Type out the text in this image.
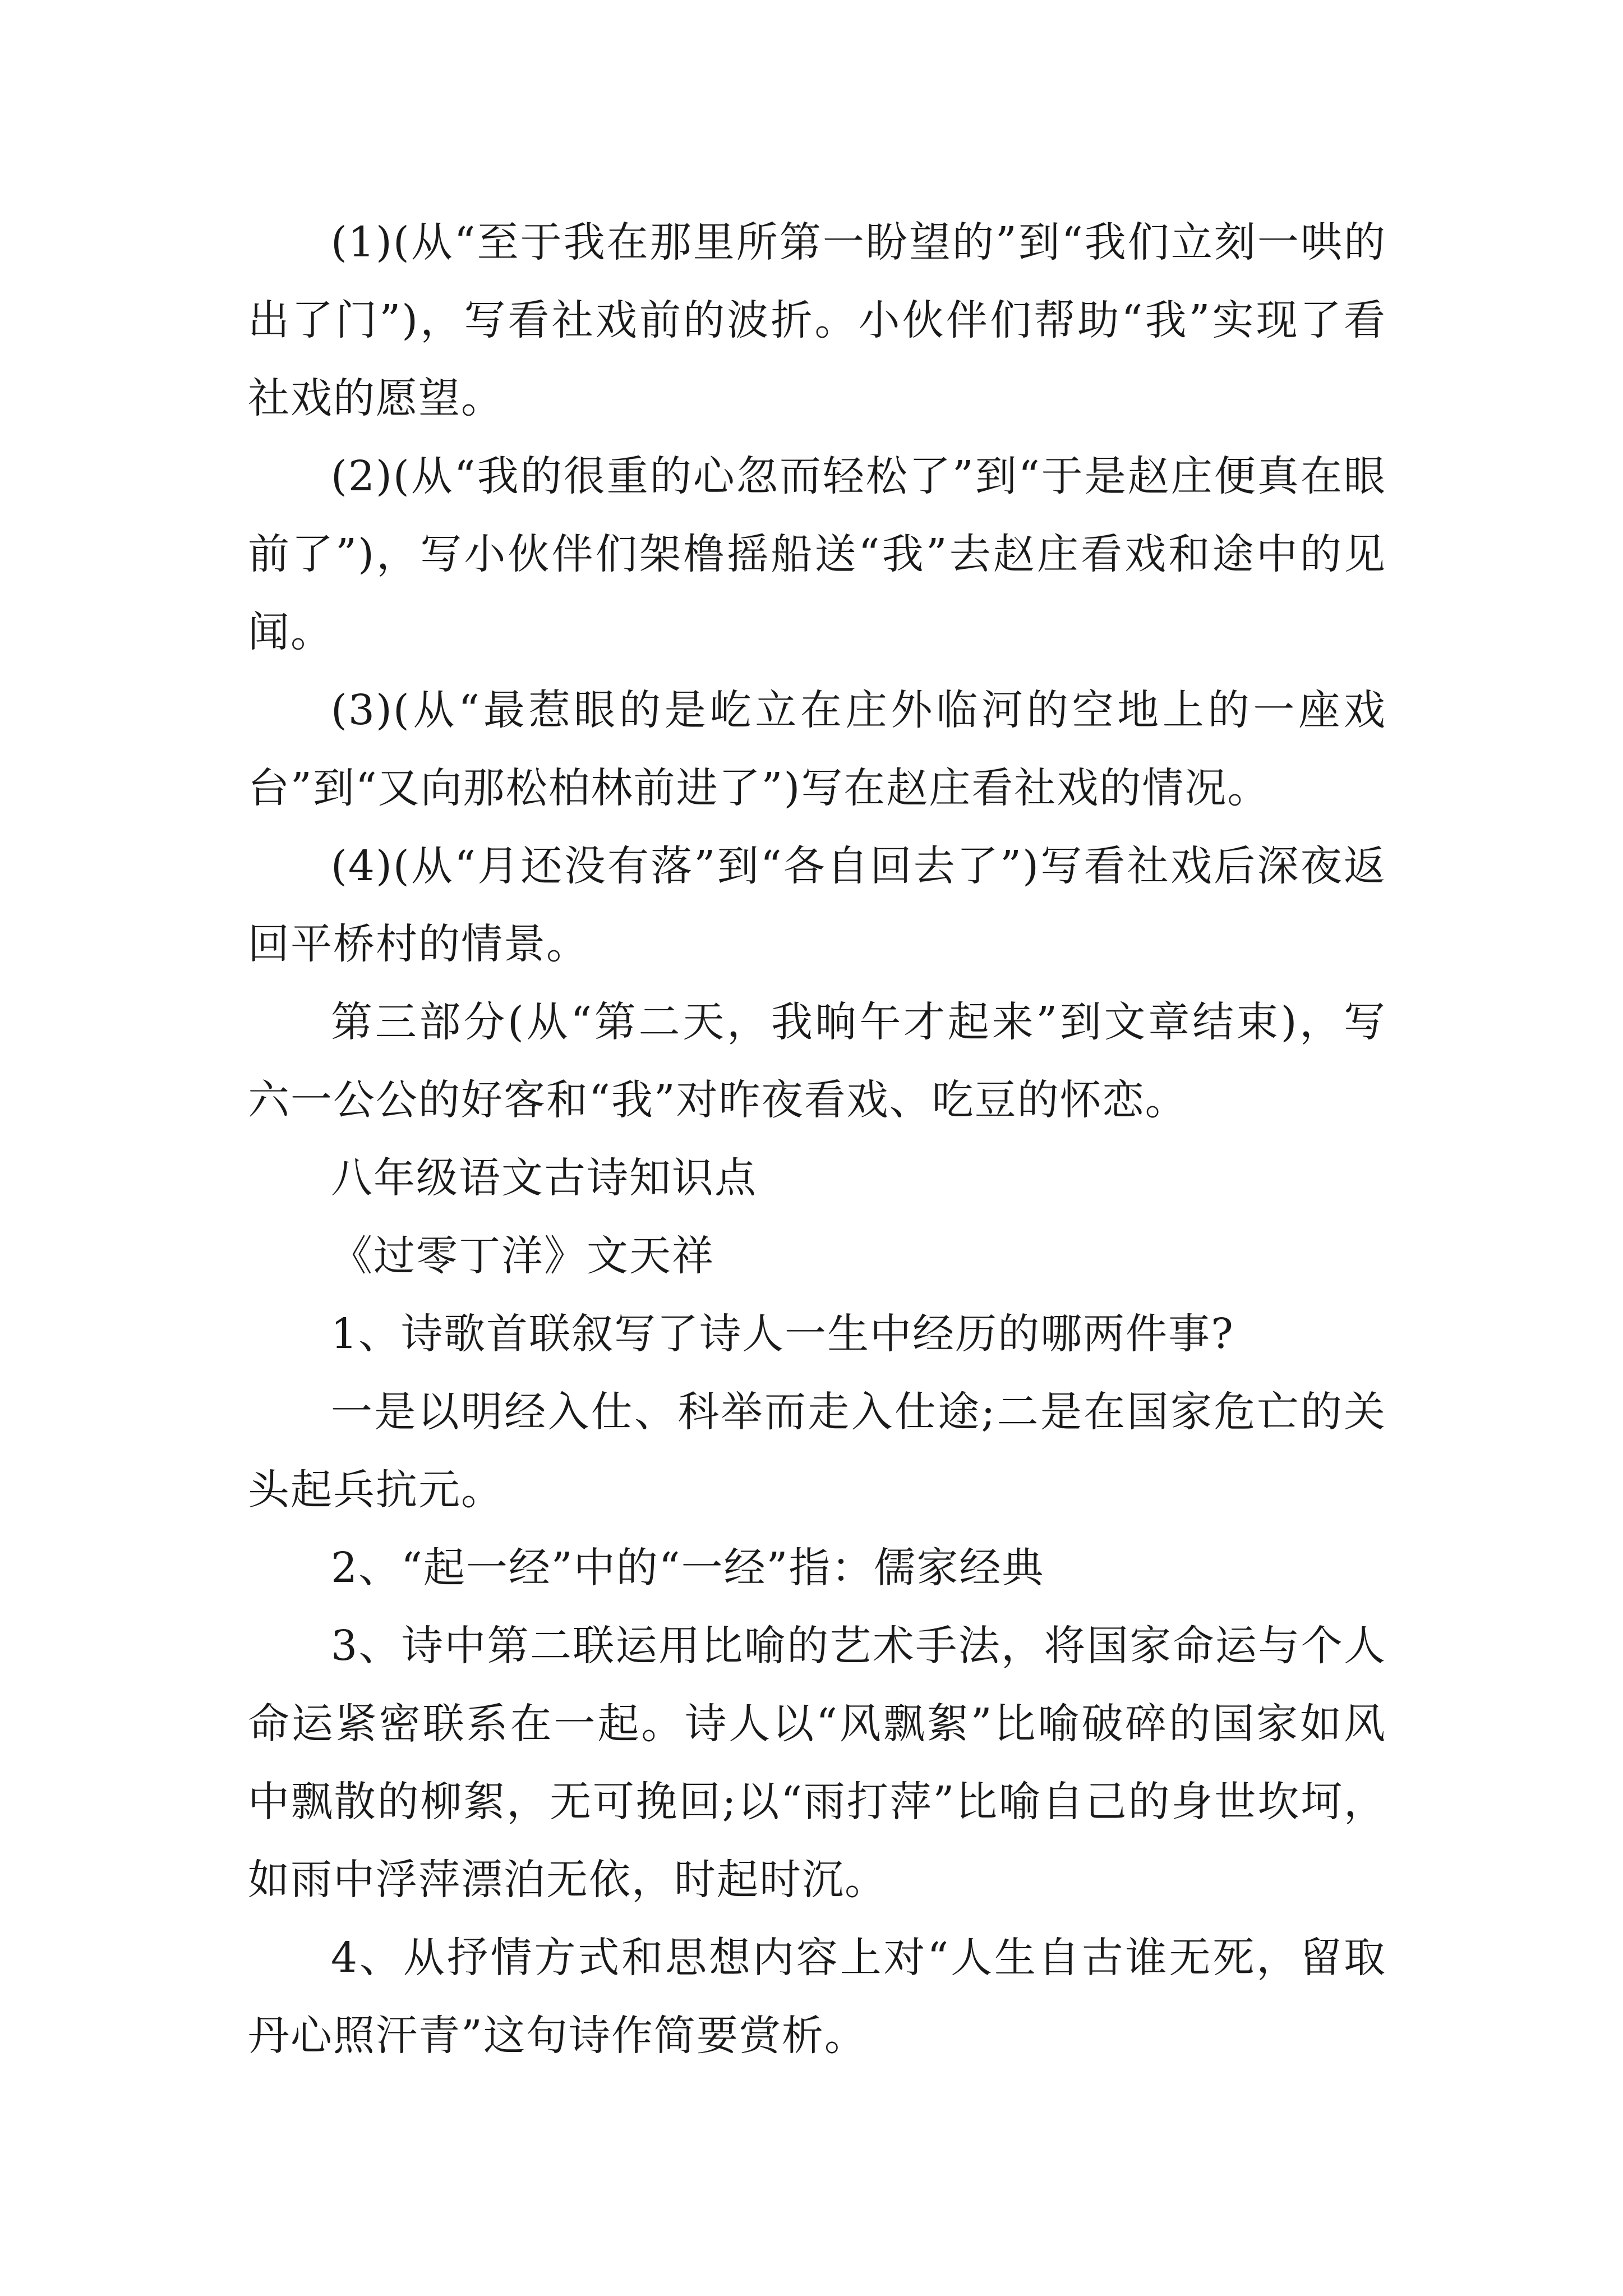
(1)(从“至于我在那里所第一盼望的”到“我们立刻一哄的出了门”)，写看社戏前的波折。小伙伴们帮助“我”实现了看社戏的愿望。

(2)(从“我的很重的心忽而轻松了”到“于是赵庄便真在眼前了”)，写小伙伴们架橹摇船送“我”去赵庄看戏和途中的见闻。

(3)(从“最惹眼的是屹立在庄外临河的空地上的一座戏台”到“又向那松柏林前进了”)写在赵庄看社戏的情况。

(4)(从“月还没有落”到“各自回去了”)写看社戏后深夜返回平桥村的情景。

第三部分(从“第二天，我晌午才起来”到文章结束)，写六一公公的好客和“我”对昨夜看戏、吃豆的怀恋。

八年级语文古诗知识点

《过零丁洋》文天祥

1、诗歌首联叙写了诗人一生中经历的哪两件事?

一是以明经入仕、科举而走入仕途;二是在国家危亡的关头起兵抗元。

2、“起一经”中的“一经”指：儒家经典

3、诗中第二联运用比喻的艺术手法，将国家命运与个人命运紧密联系在一起。诗人以“风飘絮”比喻破碎的国家如风中飘散的柳絮，无可挽回;以“雨打萍”比喻自己的身世坎坷，如雨中浮萍漂泊无依，时起时沉。

4、从抒情方式和思想内容上对“人生自古谁无死，留取丹心照汗青”这句诗作简要赏析。
